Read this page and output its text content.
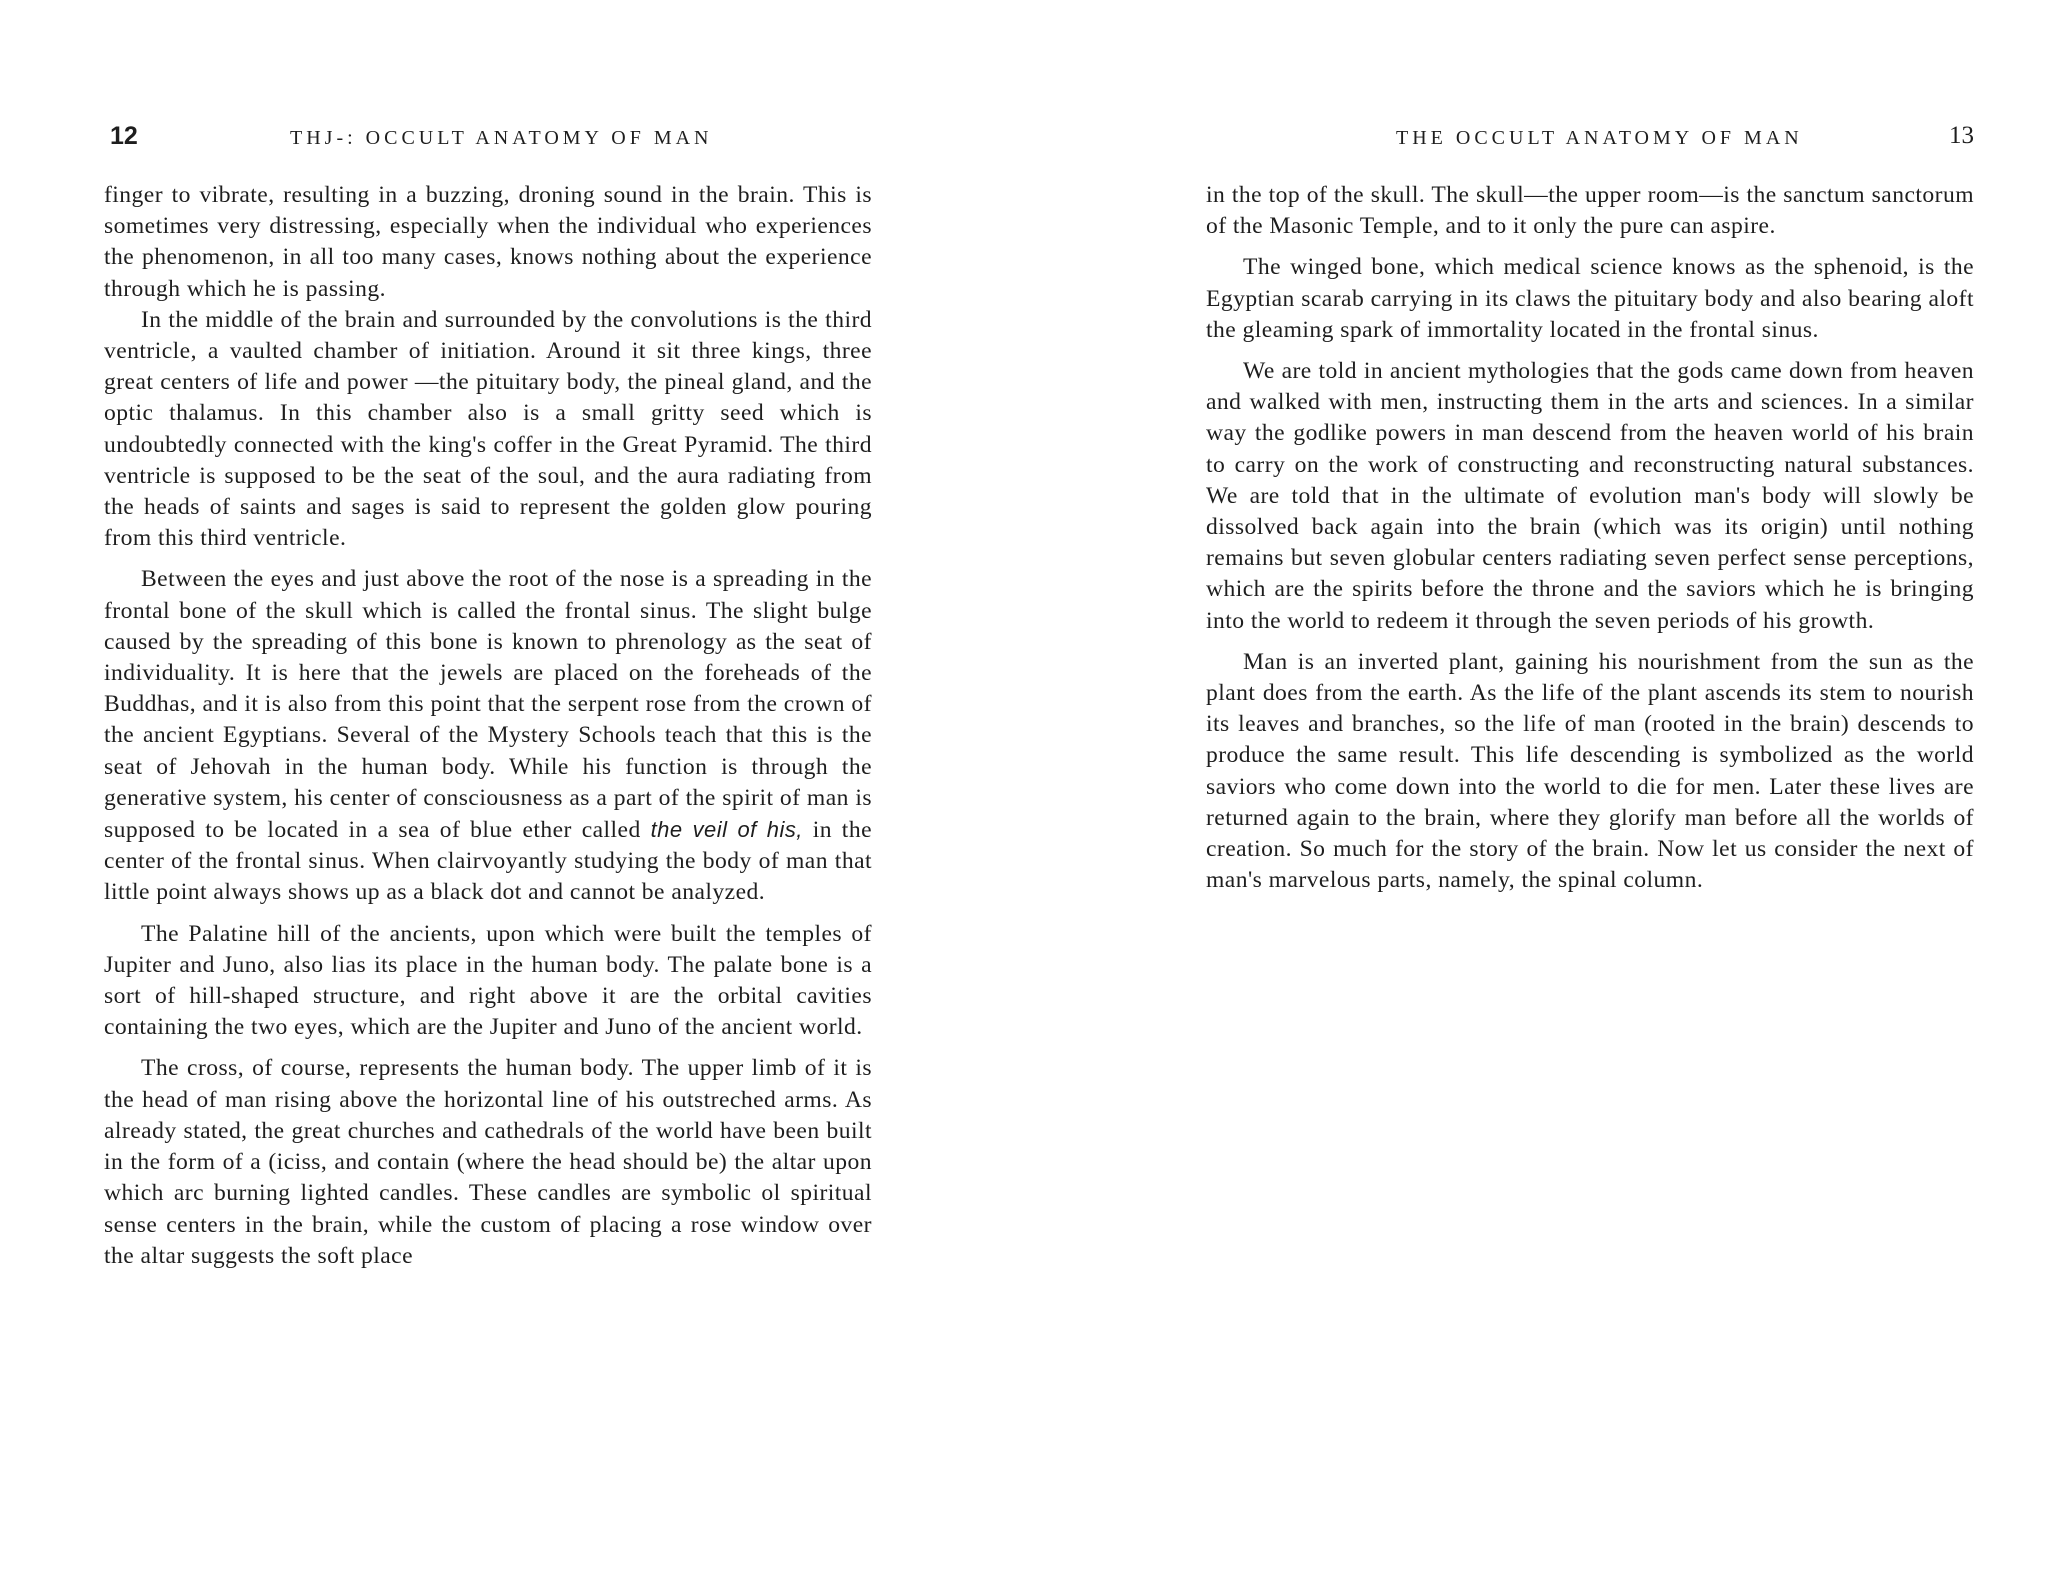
12	THJ-: OCCULT ANATOMY OF MAN

finger to vibrate, resulting in a buzzing, droning sound in the brain. This is sometimes very distressing, especially when the individual who experiences the phenomenon, in all too many cases, knows nothing about the experience through which he is passing.

In the middle of the brain and surrounded by the convolutions is the third ventricle, a vaulted chamber of initiation. Around it sit three kings, three great centers of life and power —the pituitary body, the pineal gland, and the optic thalamus. In this chamber also is a small gritty seed which is undoubtedly connected with the king's coffer in the Great Pyramid. The third ventricle is supposed to be the seat of the soul, and the aura radiating from the heads of saints and sages is said to represent the golden glow pouring from this third ventricle.

Between the eyes and just above the root of the nose is a spreading in the frontal bone of the skull which is called the frontal sinus. The slight bulge caused by the spreading of this bone is known to phrenology as the seat of individuality. It is here that the jewels are placed on the foreheads of the Buddhas, and it is also from this point that the serpent rose from the crown of the ancient Egyptians. Several of the Mystery Schools teach that this is the seat of Jehovah in the human body. While his function is through the generative system, his center of consciousness as a part of the spirit of man is supposed to be located in a sea of blue ether called the veil of his, in the center of the frontal sinus. When clairvoyantly studying the body of man that little point always shows up as a black dot and cannot be analyzed.

The Palatine hill of the ancients, upon which were built the temples of Jupiter and Juno, also lias its place in the human body. The palate bone is a sort of hill-shaped structure, and right above it are the orbital cavities containing the two eyes, which are the Jupiter and Juno of the ancient world.

The cross, of course, represents the human body. The upper limb of it is the head of man rising above the horizontal line of his outstreched arms. As already stated, the great churches and cathedrals of the world have been built in the form of a (iciss, and contain (where the head should be) the altar upon which arc burning lighted candles. These candles are symbolic ol spiritual sense centers in the brain, while the custom of placing a rose window over the altar suggests the soft place

THE OCCULT ANATOMY OF MAN	13

in the top of the skull. The skull—the upper room—is the sanctum sanctorum of the Masonic Temple, and to it only the pure can aspire.

The winged bone, which medical science knows as the sphenoid, is the Egyptian scarab carrying in its claws the pituitary body and also bearing aloft the gleaming spark of immortality located in the frontal sinus.

We are told in ancient mythologies that the gods came down from heaven and walked with men, instructing them in the arts and sciences. In a similar way the godlike powers in man descend from the heaven world of his brain to carry on the work of constructing and reconstructing natural substances. We are told that in the ultimate of evolution man's body will slowly be dissolved back again into the brain (which was its origin) until nothing remains but seven globular centers radiating seven perfect sense perceptions, which are the spirits before the throne and the saviors which he is bringing into the world to redeem it through the seven periods of his growth.

Man is an inverted plant, gaining his nourishment from the sun as the plant does from the earth. As the life of the plant ascends its stem to nourish its leaves and branches, so the life of man (rooted in the brain) descends to produce the same result. This life descending is symbolized as the world saviors who come down into the world to die for men. Later these lives are returned again to the brain, where they glorify man before all the worlds of creation. So much for the story of the brain. Now let us consider the next of man's marvelous parts, namely, the spinal column.
